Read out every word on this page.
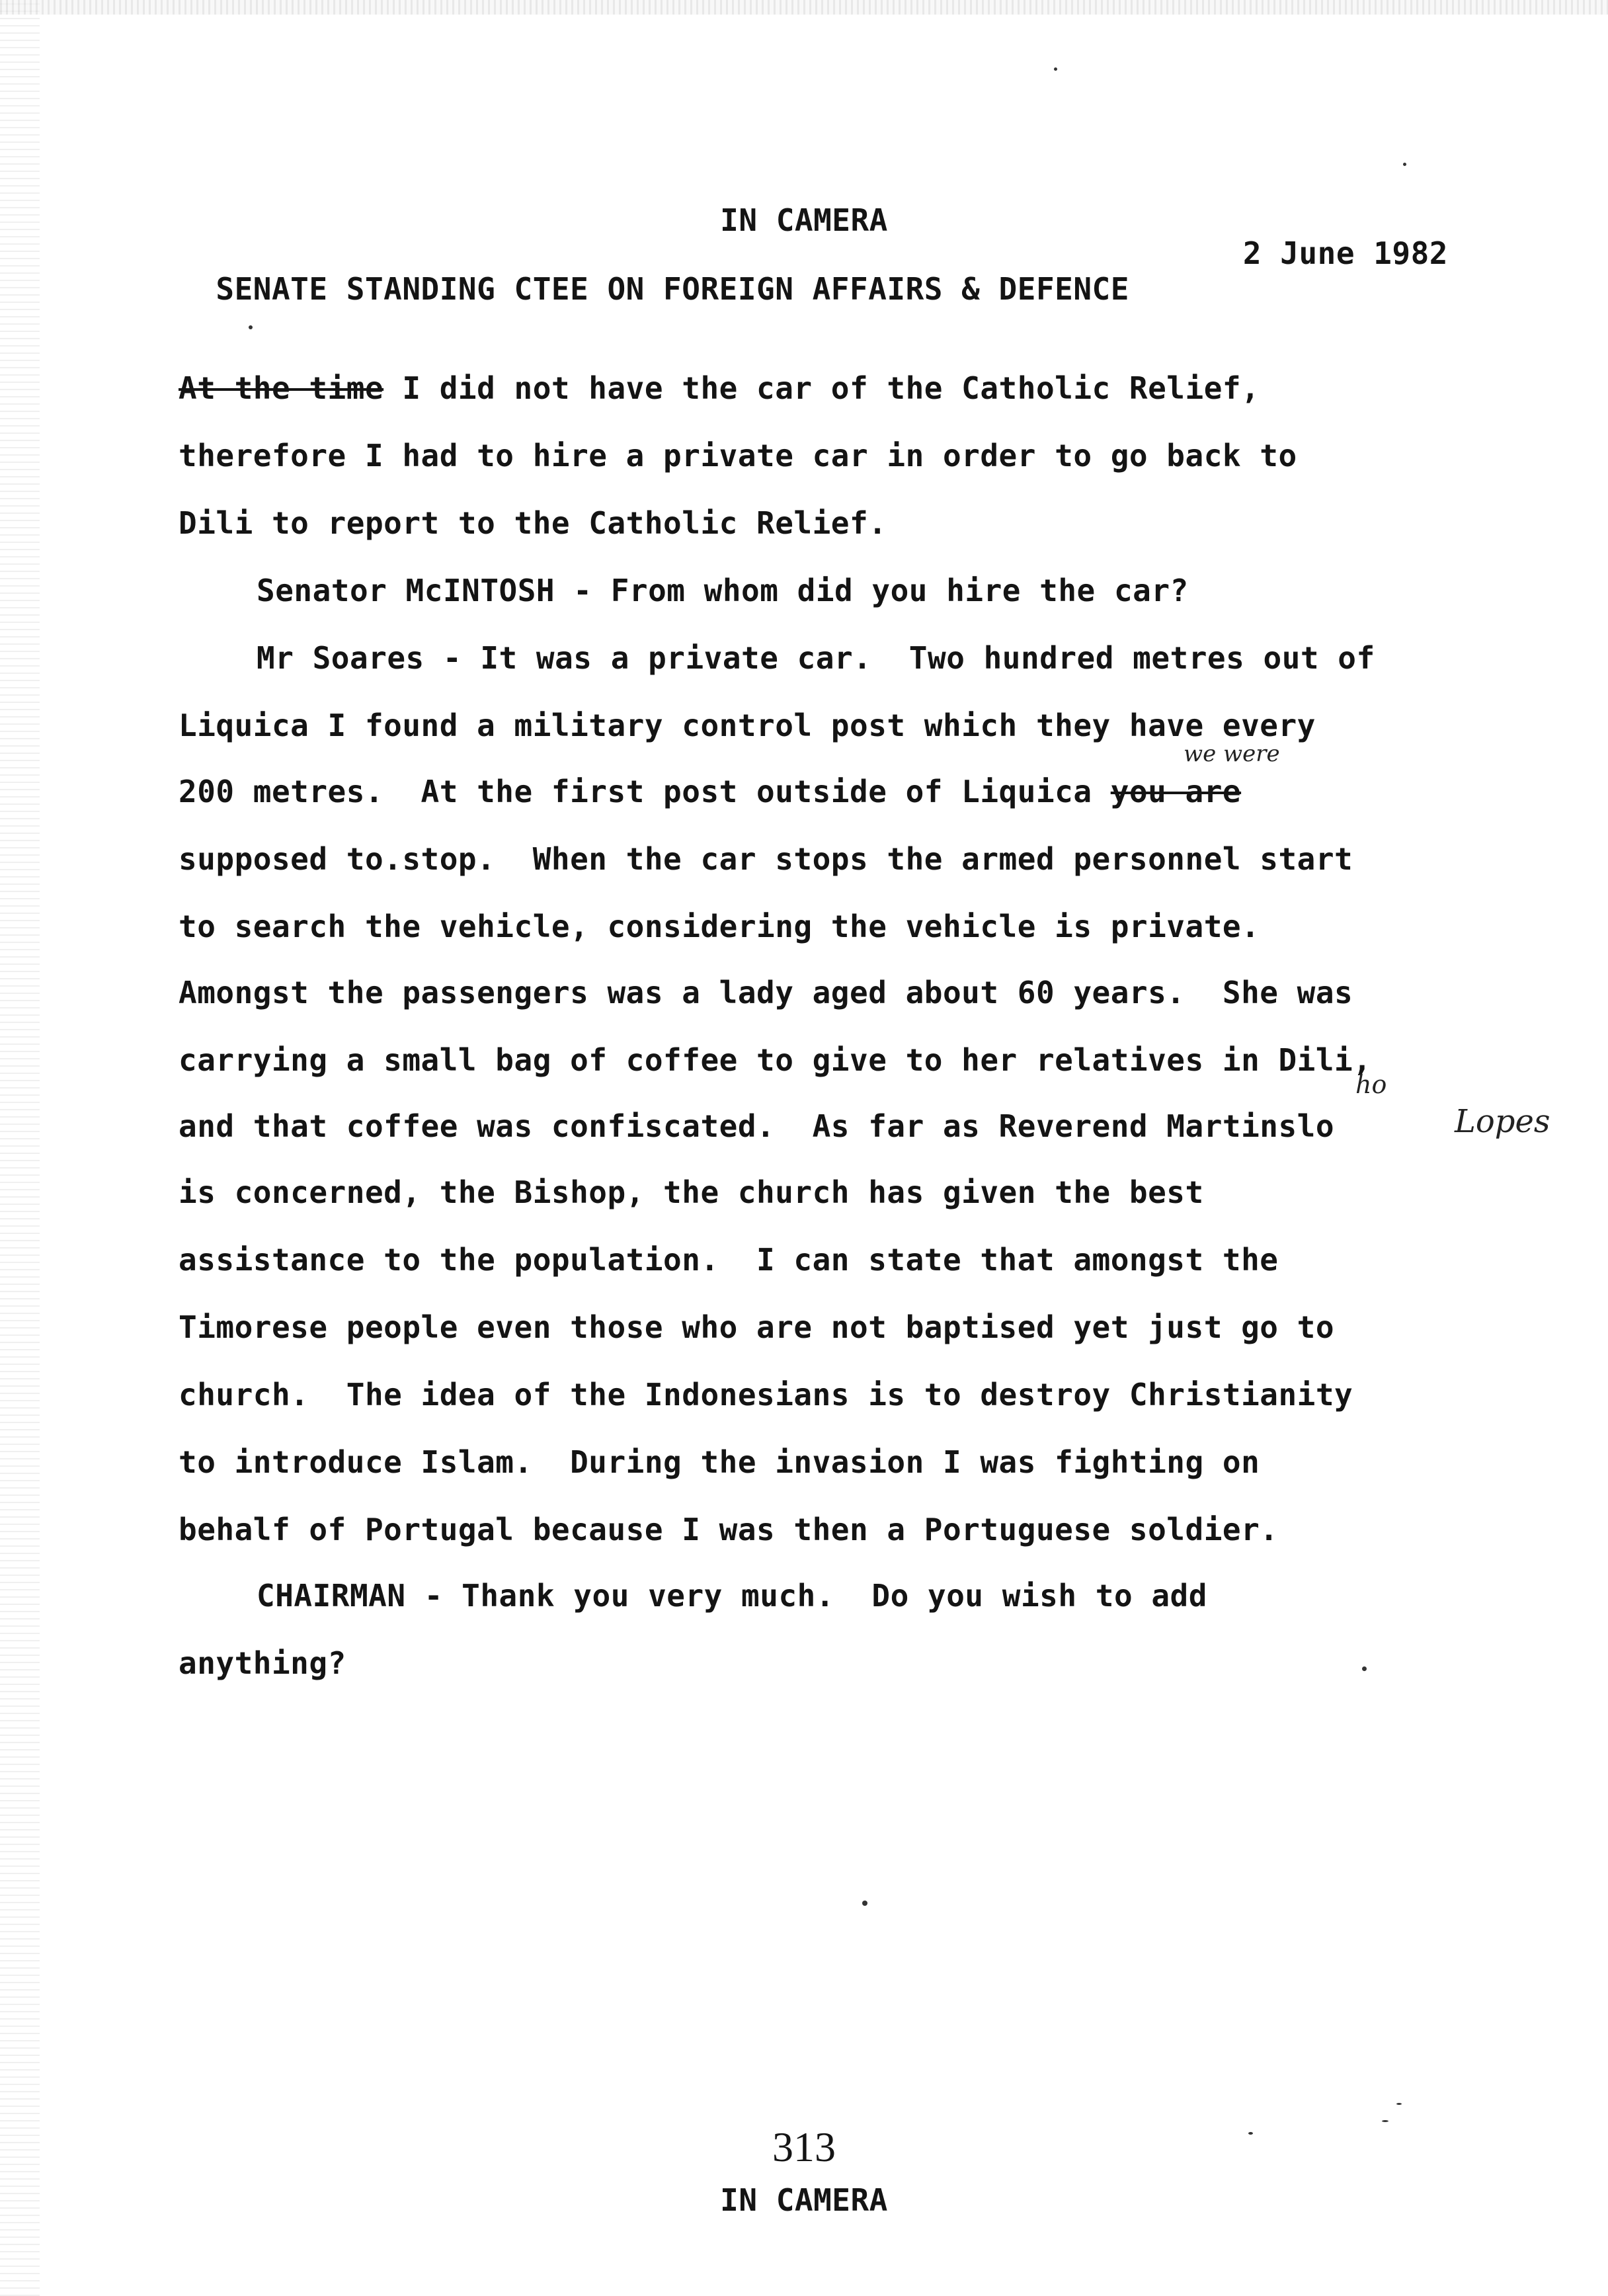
IN CAMERA

SENATE STANDING CTEE ON FOREIGN AFFAIRS & DEFENCE

2 June 1982

At the time I did not have the car of the Catholic Relief,
therefore I had to hire a private car in order to go back to
Dili to report to the Catholic Relief.
Senator McINTOSH - From whom did you hire the car?
Mr Soares - It was a private car.  Two hundred metres out of
Liquica I found a military control post which they have every
200 metres.  At the first post outside of Liquica you are
supposed to.stop.  When the car stops the armed personnel start
to search the vehicle, considering the vehicle is private.
Amongst the passengers was a lady aged about 60 years.  She was
carrying a small bag of coffee to give to her relatives in Dili,
and that coffee was confiscated.  As far as Reverend Martinslo
is concerned, the Bishop, the church has given the best
assistance to the population.  I can state that amongst the
Timorese people even those who are not baptised yet just go to
church.  The idea of the Indonesians is to destroy Christianity
to introduce Islam.  During the invasion I was fighting on
behalf of Portugal because I was then a Portuguese soldier.
CHAIRMAN - Thank you very much.  Do you wish to add
anything?
we were
ho
Lopes
313
IN CAMERA
